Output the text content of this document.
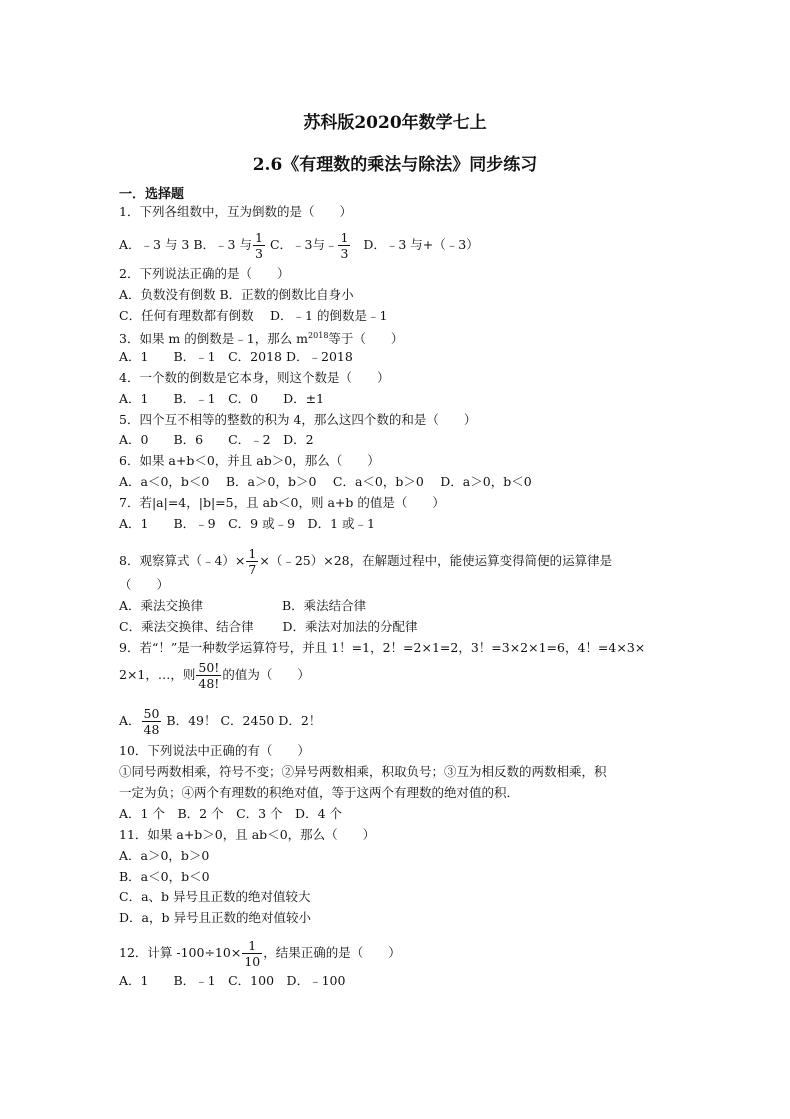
苏科版2020年数学七上
2.6《有理数的乘法与除法》同步练习
一．选择题
1．下列各组数中，互为倒数的是（　　）
A．﹣3 与 3 B．﹣3 与 $\frac{1}{3}$ C．﹣3与﹣ $\frac{1}{3}$ D．﹣3 与+（﹣3）
2．下列说法正确的是（　　）
A．负数没有倒数 B．正数的倒数比自身小
C．任何有理数都有倒数　 D．﹣1 的倒数是﹣1
3．如果 m 的倒数是﹣1，那么 $m^{2018}$等于（　　）
A．1　　B．﹣1　C．2018 D．﹣2018
4．一个数的倒数是它本身，则这个数是（　　）
A．1　　B．﹣1　C．0　　D．±1
5．四个互不相等的整数的积为 4，那么这四个数的和是（　　）
A．0　　B．6　　C．﹣2　D．2
6．如果 a+b＜0，并且 ab＞0，那么（　　）
A．a＜0，b＜0　 B．a＞0，b＞0　 C．a＜0，b＞0　 D．a＞0，b＜0
7．若|a|=4，|b|=5，且 ab＜0，则 a+b 的值是（　　）
A．1　　B．﹣9　C．9 或﹣9　D．1 或﹣1
8．观察算式（﹣4）× $\frac{1}{7}$ ×（﹣25）×28，在解题过程中，能使运算变得简便的运算律是
（　　）
A．乘法交换律　　　　　　 B．乘法结合律
C．乘法交换律、结合律　　 D．乘法对加法的分配律
9．若“！”是一种数学运算符号，并且 1！=1，2！=2×1=2，3！=3×2×1=6，4！=4×3×
2×1，…，则 $\frac{50!}{48!}$ 的值为（　　）
A． $\frac{50}{48}$ B．49！ C．2450 D．2！
10．下列说法中正确的有（　　）
①同号两数相乘，符号不变；②异号两数相乘，积取负号；③互为相反数的两数相乘，积
一定为负；④两个有理数的积绝对值，等于这两个有理数的绝对值的积．
A．1 个　B．2 个　C．3 个　D．4 个
11．如果 a+b＞0，且 ab＜0，那么（　　）
A．a＞0，b＞0
B．a＜0，b＜0
C．a、b 异号且正数的绝对值较大
D．a，b 异号且正数的绝对值较小
12．计算 $-100\div 10\times \frac{1}{10}$ ，结果正确的是（　　）
A．1　　B．﹣1　C．100　D．﹣100
